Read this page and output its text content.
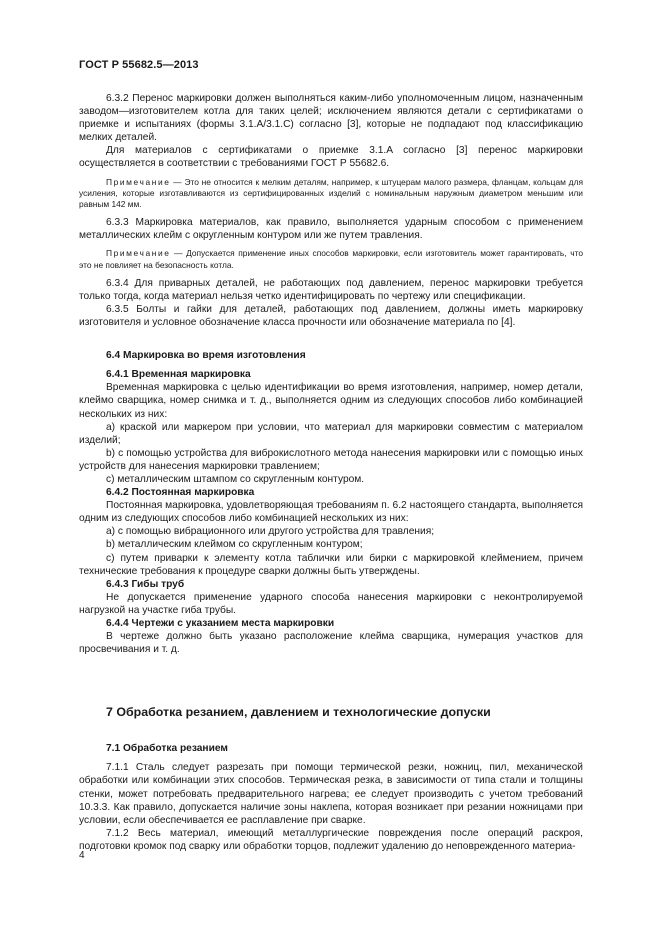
ГОСТ Р 55682.5—2013

6.3.2 Перенос маркировки должен выполняться каким-либо уполномоченным лицом, назначенным заводом—изготовителем котла для таких целей; исключением являются детали с сертификатами о приемке и испытаниях (формы 3.1.A/3.1.C) согласно [3], которые не подпадают под классификацию мелких деталей.

Для материалов с сертификатами о приемке 3.1.A согласно [3] перенос маркировки осуществляется в соответствии с требованиями ГОСТ Р 55682.6.

Примечание — Это не относится к мелким деталям, например, к штуцерам малого размера, фланцам, кольцам для усиления, которые изготавливаются из сертифицированных изделий с номинальным наружным диаметром меньшим или равным 142 мм.

6.3.3 Маркировка материалов, как правило, выполняется ударным способом с применением металлических клейм с округленным контуром или же путем травления.

Примечание — Допускается применение иных способов маркировки, если изготовитель может гарантировать, что это не повлияет на безопасность котла.

6.3.4 Для приварных деталей, не работающих под давлением, перенос маркировки требуется только тогда, когда материал нельзя четко идентифицировать по чертежу или спецификации.

6.3.5 Болты и гайки для деталей, работающих под давлением, должны иметь маркировку изготовителя и условное обозначение класса прочности или обозначение материала по [4].

6.4 Маркировка во время изготовления

6.4.1 Временная маркировка

Временная маркировка с целью идентификации во время изготовления, например, номер детали, клеймо сварщика, номер снимка и т. д., выполняется одним из следующих способов либо комбинацией нескольких из них:

a) краской или маркером при условии, что материал для маркировки совместим с материалом изделий;

b) с помощью устройства для виброкислотного метода нанесения маркировки или с помощью иных устройств для нанесения маркировки травлением;

c) металлическим штампом со скругленным контуром.

6.4.2 Постоянная маркировка

Постоянная маркировка, удовлетворяющая требованиям п. 6.2 настоящего стандарта, выполняется одним из следующих способов либо комбинацией нескольких из них:

a) с помощью вибрационного или другого устройства для травления;

b) металлическим клеймом со скругленным контуром;

c) путем приварки к элементу котла таблички или бирки с маркировкой клеймением, причем технические требования к процедуре сварки должны быть утверждены.

6.4.3 Гибы труб

Не допускается применение ударного способа нанесения маркировки с неконтролируемой нагрузкой на участке гиба трубы.

6.4.4 Чертежи с указанием места маркировки

В чертеже должно быть указано расположение клейма сварщика, нумерация участков для просвечивания и т. д.

7 Обработка резанием, давлением и технологические допуски

7.1 Обработка резанием

7.1.1 Сталь следует разрезать при помощи термической резки, ножниц, пил, механической обработки или комбинации этих способов. Термическая резка, в зависимости от типа стали и толщины стенки, может потребовать предварительного нагрева; ее следует производить с учетом требований 10.3.3. Как правило, допускается наличие зоны наклепа, которая возникает при резании ножницами при условии, если обеспечивается ее расплавление при сварке.

7.1.2 Весь материал, имеющий металлургические повреждения после операций раскроя, подготовки кромок под сварку или обработки торцов, подлежит удалению до неповрежденного материа-

4
